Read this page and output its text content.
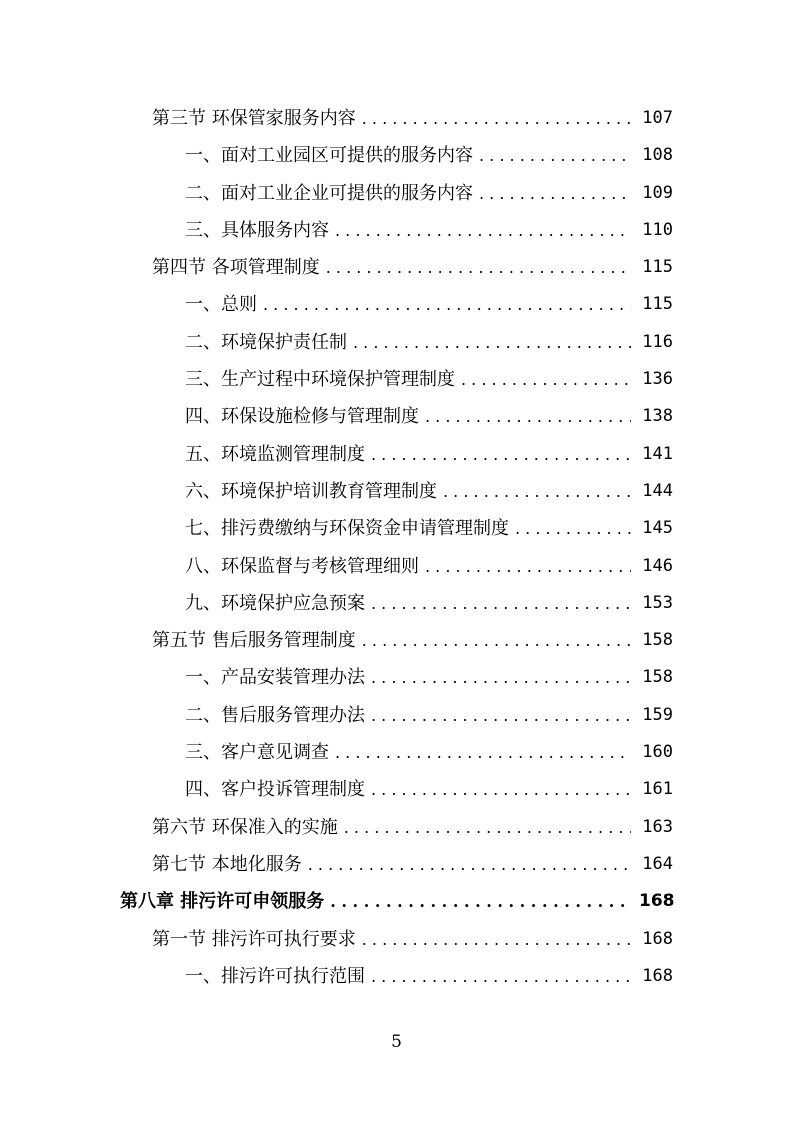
第三节 环保管家服务内容 . . .	107
一、面对工业园区可提供的服务内容 . . .	108
二、面对工业企业可提供的服务内容 . . .	109
三、具体服务内容 . . .	110
第四节 各项管理制度 . . .	115
一、总则 . . .	115
二、环境保护责任制 . . .	116
三、生产过程中环境保护管理制度 . . .	136
四、环保设施检修与管理制度 . . .	138
五、环境监测管理制度 . . .	141
六、环境保护培训教育管理制度 . . .	144
七、排污费缴纳与环保资金申请管理制度 . . .	145
八、环保监督与考核管理细则 . . .	146
九、环境保护应急预案 . . .	153
第五节 售后服务管理制度 . . .	158
一、产品安装管理办法 . . .	158
二、售后服务管理办法 . . .	159
三、客户意见调查 . . .	160
四、客户投诉管理制度 . . .	161
第六节 环保准入的实施 . . .	163
第七节 本地化服务 . . .	164
第八章 排污许可申领服务 . . .	168
第一节 排污许可执行要求 . . .	168
一、排污许可执行范围 . . .	168
5
